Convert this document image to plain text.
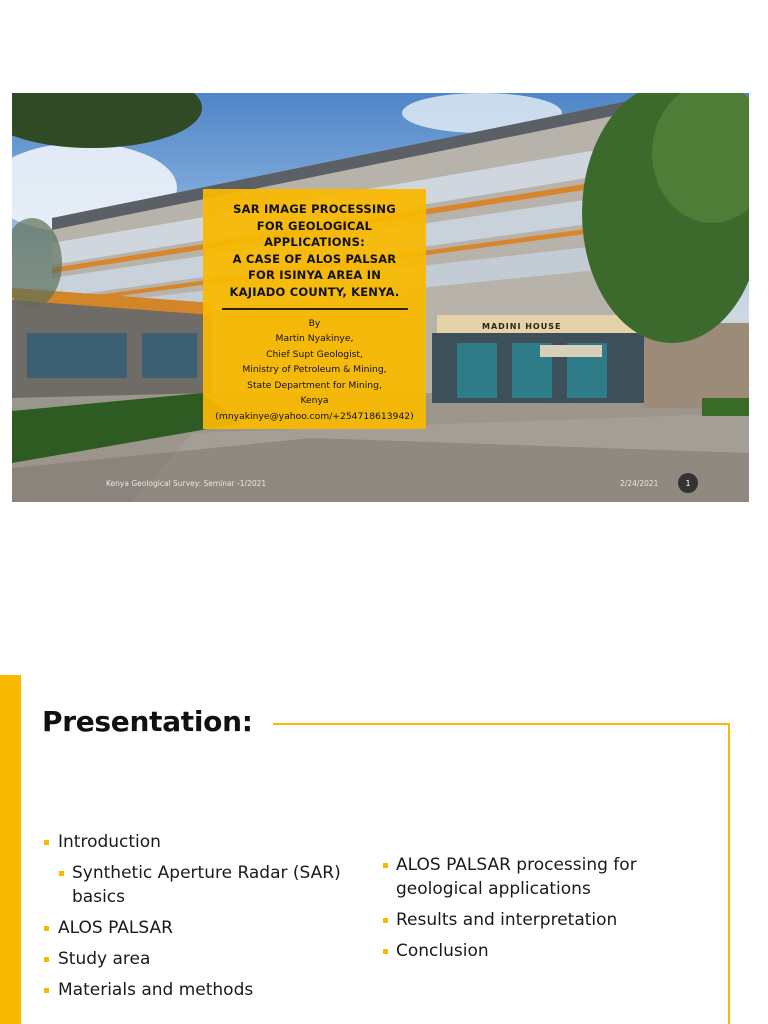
MADINI HOUSE
SAR IMAGE PROCESSING
FOR GEOLOGICAL
APPLICATIONS:
A CASE OF ALOS PALSAR
FOR ISINYA AREA IN
KAJIADO COUNTY, KENYA.
By
Martin Nyakinye,
Chief Supt Geologist,
Ministry of Petroleum & Mining,
State Department for Mining,
Kenya
(mnyakinye@yahoo.com/+254718613942)
Kenya Geological Survey: Seminar -1/2021	2/24/2021	1
Presentation:
Introduction
Synthetic Aperture Radar (SAR) basics
ALOS PALSAR
Study area
Materials and methods
ALOS PALSAR processing for geological applications
Results and interpretation
Conclusion
